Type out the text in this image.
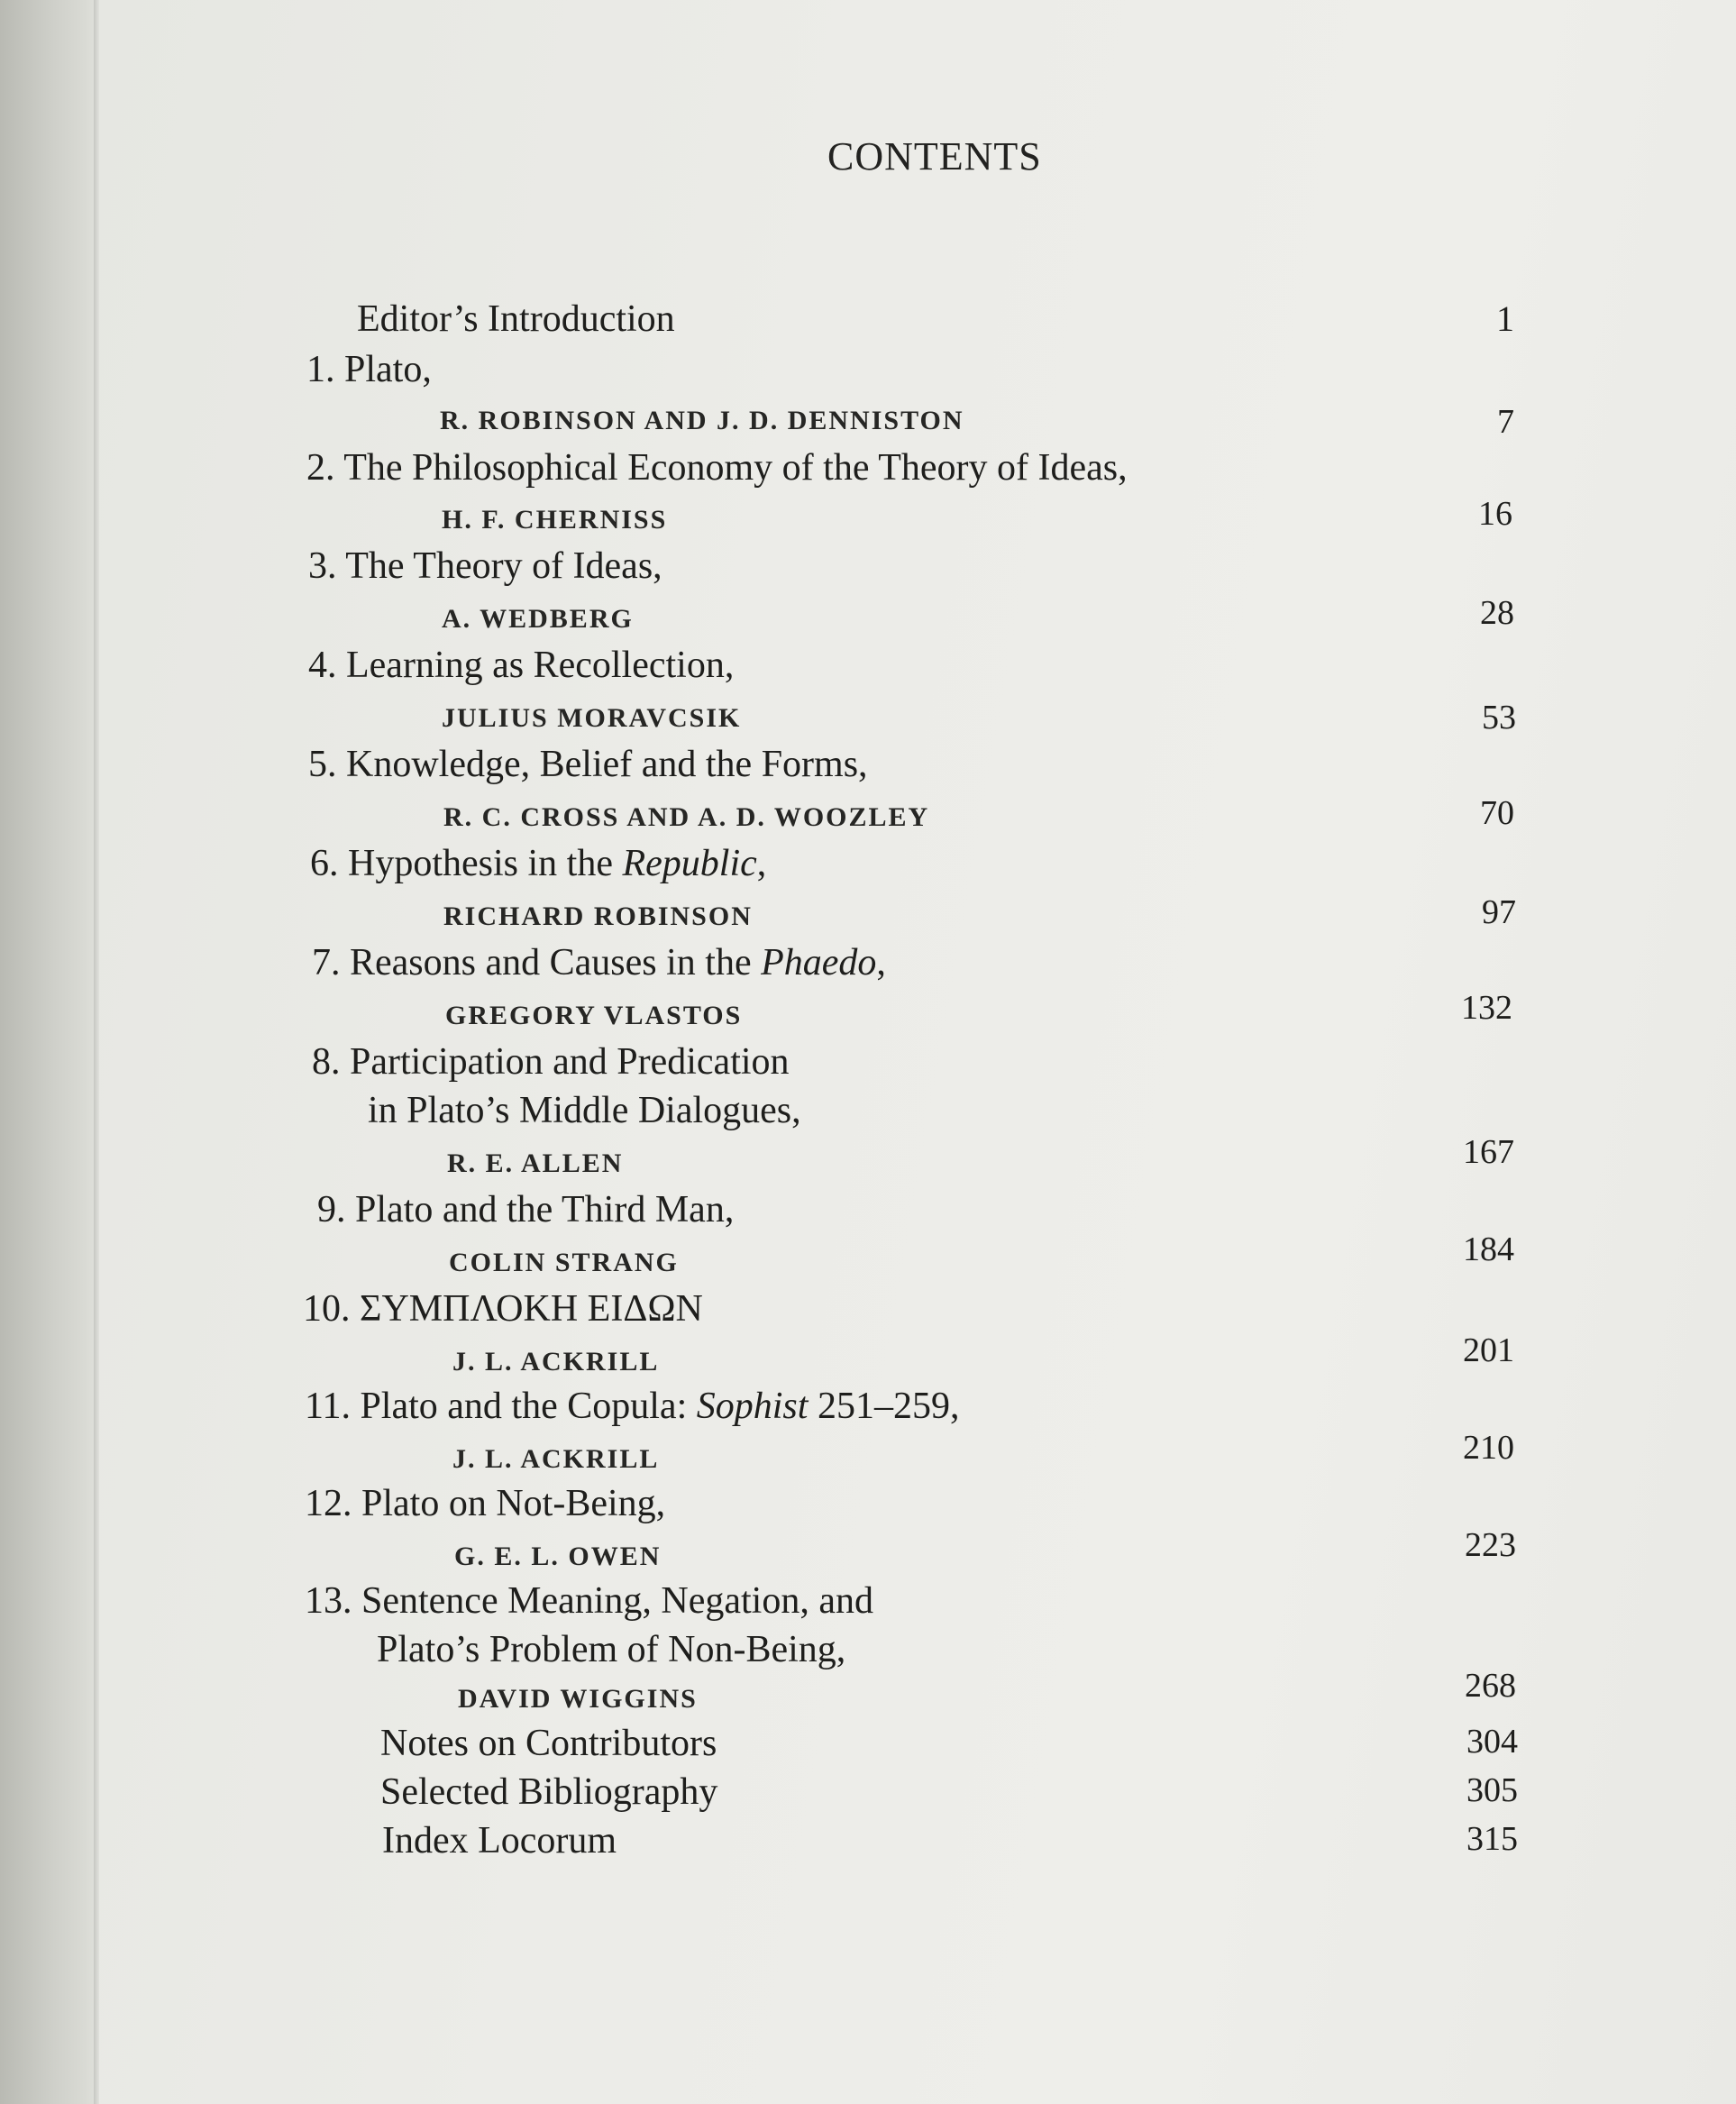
CONTENTS
Editor’s Introduction	1
1. Plato,
R. ROBINSON AND J. D. DENNISTON	7
2. The Philosophical Economy of the Theory of Ideas,
H. F. CHERNISS	16
3. The Theory of Ideas,
A. WEDBERG	28
4. Learning as Recollection,
JULIUS MORAVCSIK	53
5. Knowledge, Belief and the Forms,
R. C. CROSS AND A. D. WOOZLEY	70
6. Hypothesis in the Republic,
RICHARD ROBINSON	97
7. Reasons and Causes in the Phaedo,
GREGORY VLASTOS	132
8. Participation and Predication
in Plato’s Middle Dialogues,
R. E. ALLEN	167
9. Plato and the Third Man,
COLIN STRANG	184
10. ΣΥΜΠΛΟΚΗ ΕΙΔΩΝ
J. L. ACKRILL	201
11. Plato and the Copula: Sophist 251–259,
J. L. ACKRILL	210
12. Plato on Not-Being,
G. E. L. OWEN	223
13. Sentence Meaning, Negation, and
Plato’s Problem of Non-Being,
DAVID WIGGINS	268
Notes on Contributors	304
Selected Bibliography	305
Index Locorum	315
